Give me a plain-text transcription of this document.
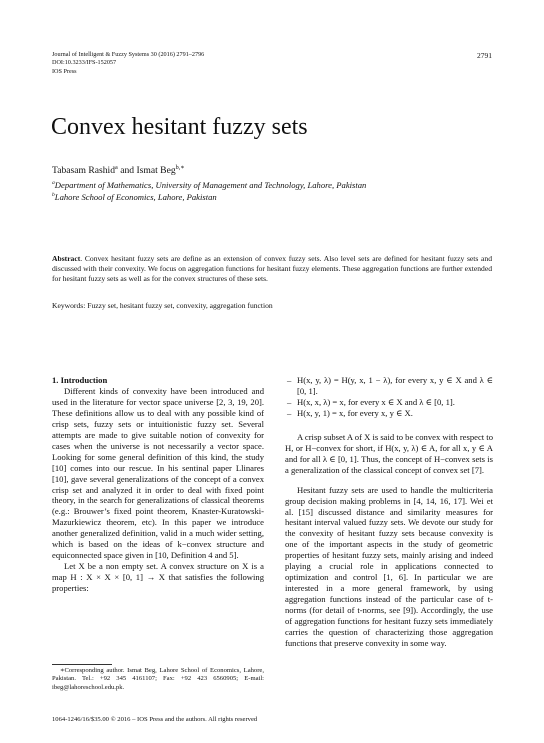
Journal of Intelligent & Fuzzy Systems 30 (2016) 2791–2796
DOI:10.3233/IFS-152057
IOS Press
2791
Convex hesitant fuzzy sets
Tabasam Rashid$^a$ and Ismat Beg$^{b,∗}$
$^a$Department of Mathematics, University of Management and Technology, Lahore, Pakistan
$^b$Lahore School of Economics, Lahore, Pakistan
Abstract. Convex hesitant fuzzy sets are define as an extension of convex fuzzy sets. Also level sets are defined for hesitant fuzzy sets and discussed with their convexity. We focus on aggregation functions for hesitant fuzzy elements. These aggregation functions are further extended for hesitant fuzzy sets as well as for the convex structures of these sets.
Keywords: Fuzzy set, hesitant fuzzy set, convexity, aggregation function

1. Introduction

Different kinds of convexity have been introduced and used in the literature for vector space universe [2, 3, 19, 20]. These definitions allow us to deal with any possible kind of crisp sets, fuzzy sets or intuitionistic fuzzy set. Several attempts are made to give suitable notion of convexity for cases when the universe is not necessarily a vector space. Looking for some general definition of this kind, the study [10] comes into our rescue. In his sentinal paper Llinares [10], gave several generalizations of the concept of a convex crisp set and analyzed it in order to deal with fixed point theory, in the search for generalizations of classical theorems (e.g.: Brouwer’s fixed point theorem, Knaster-Kuratowski-Mazurkiewicz theorem, etc). In this paper we introduce another generalized definition, valid in a much wider setting, which is based on the ideas of k−convex structure and equiconnected space given in [10, Definition 4 and 5].

Let X be a non empty set. A convex structure on X is a map H : X × X × [0, 1] → X that satisfies the following properties:

– H(x, y, λ) = H(y, x, 1 − λ), for every x, y ∈ X and λ ∈ [0, 1].
– H(x, x, λ) = x, for every x ∈ X and λ ∈ [0, 1].
– H(x, y, 1) = x, for every x, y ∈ X.

A crisp subset A of X is said to be convex with respect to H, or H−convex for short, if H(x, y, λ) ∈ A, for all x, y ∈ A and for all λ ∈ [0, 1]. Thus, the concept of H−convex sets is a generalization of the classical concept of convex set [7].

Hesitant fuzzy sets are used to handle the multicriteria group decision making problems in [4, 14, 16, 17]. Wei et al. [15] discussed distance and similarity measures for hesitant interval valued fuzzy sets. We devote our study for the convexity of hesitant fuzzy sets because convexity is one of the important aspects in the study of geometric properties of hesitant fuzzy sets, mainly arising and indeed playing a crucial role in applications connected to optimization and control [1, 6]. In particular we are interested in a more general framework, by using aggregation functions instead of the particular case of t-norms (for detail of t-norms, see [9]). Accordingly, the use of aggregation functions for hesitant fuzzy sets immediately carries the question of characterizing those aggregation functions that preserve convexity in some way.

∗Corresponding author. Ismat Beg, Lahore School of Economics, Lahore, Pakistan. Tel.: +92 345 4161107; Fax: +92 423 6560905; E-mail: ibeg@lahoreschool.edu.pk.
1064-1246/16/$35.00 © 2016 – IOS Press and the authors. All rights reserved
